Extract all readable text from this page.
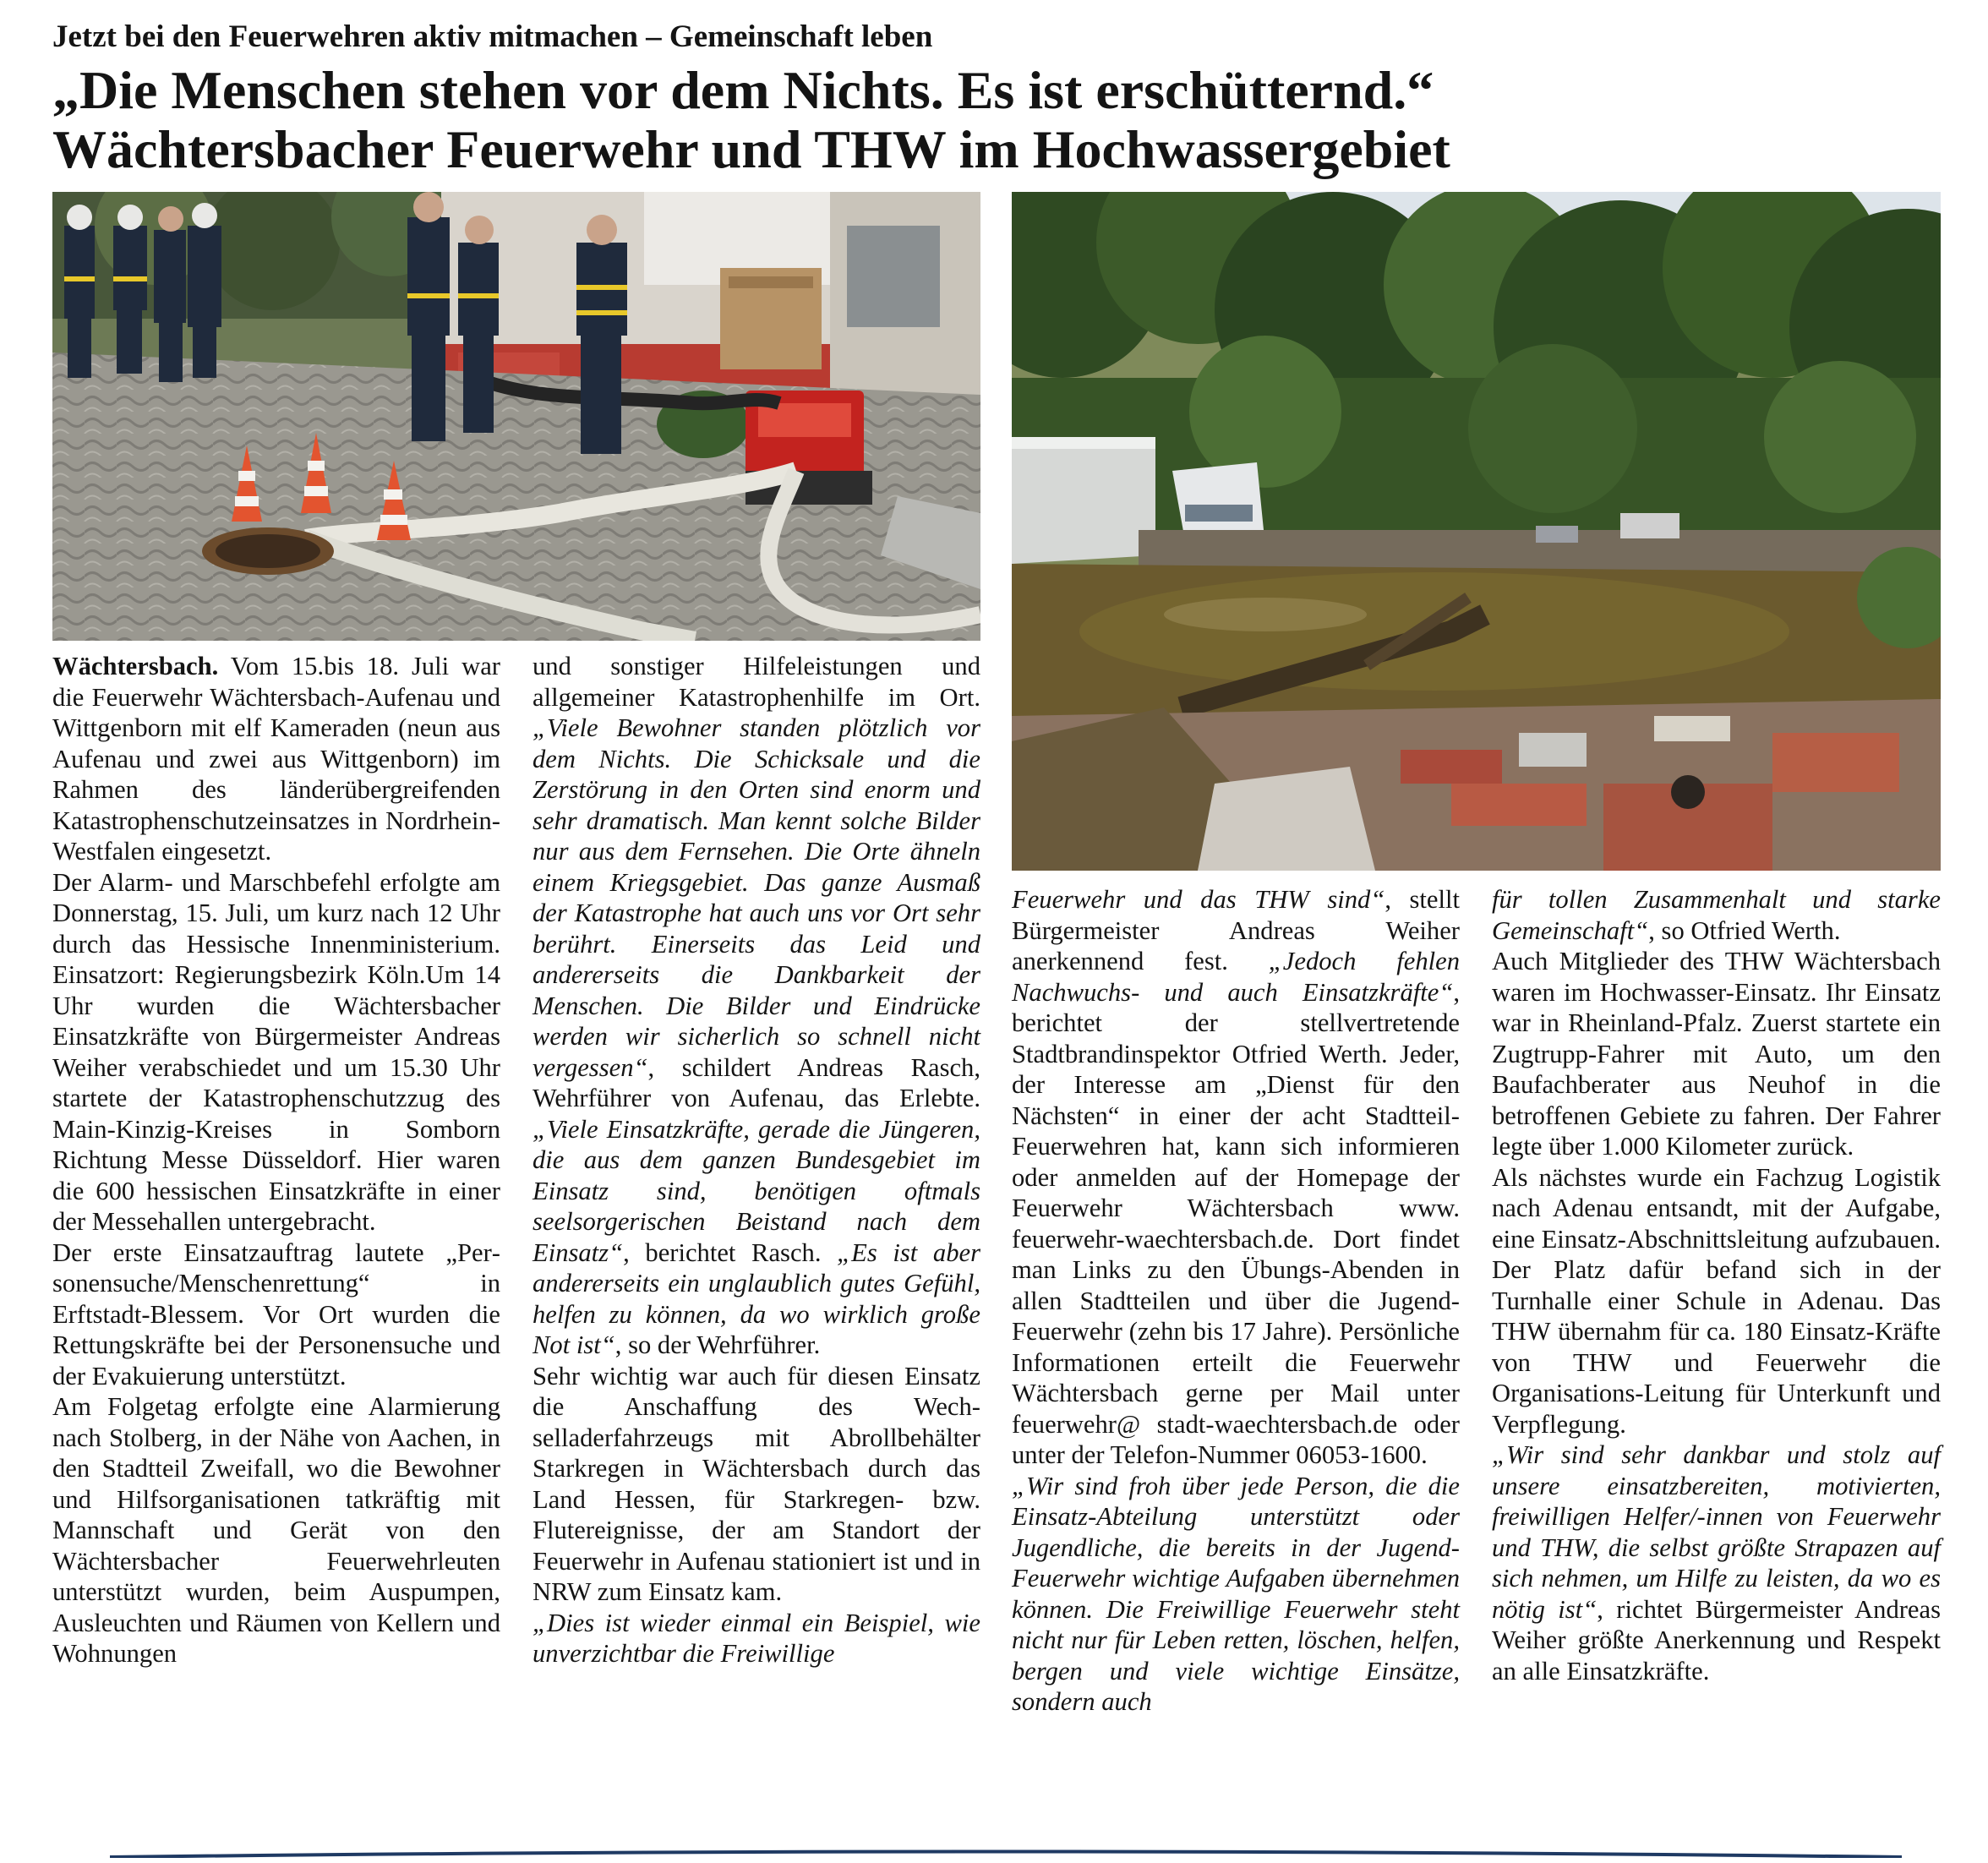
Jetzt bei den Feuerwehren aktiv mitmachen – Gemeinschaft leben
„Die Menschen stehen vor dem Nichts. Es ist erschütternd.“
Wächtersbacher Feuerwehr und THW im Hochwassergebiet

Wächtersbach. Vom 15.bis 18. Juli war die Feuerwehr Wächtersbach-Aufenau und Wittgenborn mit elf Kameraden (neun aus Aufenau und zwei aus Wittgenborn) im Rahmen des länderübergreifenden Katastrophenschutzeinsatzes in Nordrhein-Westfalen eingesetzt.

Der Alarm- und Marschbefehl erfolgte am Donnerstag, 15. Juli, um kurz nach 12 Uhr durch das Hessische Innenministerium. Einsatzort: Regierungsbezirk Köln.Um 14 Uhr wurden die Wächtersbacher Einsatzkräfte von Bürgermeister Andreas Weiher verabschiedet und um 15.30 Uhr startete der Katastrophenschutzzug des Main-Kinzig-Kreises in Somborn Richtung Messe Düsseldorf. Hier waren die 600 hessischen Einsatzkräfte in einer der Messehallen untergebracht.

Der erste Einsatzauftrag lautete „Personensuche/Menschenrettung“ in Erftstadt-Blessem. Vor Ort wurden die Rettungskräfte bei der Personensuche und der Evakuierung unterstützt.

Am Folgetag erfolgte eine Alarmierung nach Stolberg, in der Nähe von Aachen, in den Stadtteil Zweifall, wo die Bewohner und Hilfsorganisationen tatkräftig mit Mannschaft und Gerät von den Wächtersbacher Feuerwehrleuten unterstützt wurden, beim Auspumpen, Ausleuchten und Räumen von Kellern und Wohnungen

und sonstiger Hilfeleistungen und allgemeiner Katastrophenhilfe im Ort. „Viele Bewohner standen plötzlich vor dem Nichts. Die Schicksale und die Zerstörung in den Orten sind enorm und sehr dramatisch. Man kennt solche Bilder nur aus dem Fernsehen. Die Orte ähneln einem Kriegsgebiet. Das ganze Ausmaß der Katastrophe hat auch uns vor Ort sehr berührt. Einerseits das Leid und andererseits die Dankbarkeit der Menschen. Die Bilder und Eindrücke werden wir sicherlich so schnell nicht vergessen“, schildert Andreas Rasch, Wehrführer von Aufenau, das Erlebte. „Viele Einsatzkräfte, gerade die Jüngeren, die aus dem ganzen Bundesgebiet im Einsatz sind, benötigen oftmals seelsorgerischen Beistand nach dem Einsatz“, berichtet Rasch. „Es ist aber andererseits ein unglaublich gutes Gefühl, helfen zu können, da wo wirklich große Not ist“, so der Wehrführer.

Sehr wichtig war auch für diesen Einsatz die Anschaffung des Wechselladerfahrzeugs mit Abrollbehälter Starkregen in Wächtersbach durch das Land Hessen, für Starkregen- bzw. Flutereignisse, der am Standort der Feuerwehr in Aufenau stationiert ist und in NRW zum Einsatz kam.

„Dies ist wieder einmal ein Beispiel, wie unverzichtbar die Freiwillige

Feuerwehr und das THW sind“, stellt Bürgermeister Andreas Weiher anerkennend fest. „Jedoch fehlen Nachwuchs- und auch Einsatzkräfte“, berichtet der stellvertretende Stadtbrandinspektor Otfried Werth. Jeder, der Interesse am „Dienst für den Nächsten“ in einer der acht Stadtteil-Feuerwehren hat, kann sich informieren oder anmelden auf der Homepage der Feuerwehr Wächtersbach www. feuerwehr-waechtersbach.de. Dort findet man Links zu den Übungs-Abenden in allen Stadtteilen und über die Jugend-Feuerwehr (zehn bis 17 Jahre). Persönliche Informationen erteilt die Feuerwehr Wächtersbach gerne per Mail unter feuerwehr@ stadt-waechtersbach.de oder unter der Telefon-Nummer 06053-1600.

„Wir sind froh über jede Person, die die Einsatz-Abteilung unterstützt oder Jugendliche, die bereits in der Jugend-Feuerwehr wichtige Aufgaben übernehmen können. Die Freiwillige Feuerwehr steht nicht nur für Leben retten, löschen, helfen, bergen und viele wichtige Einsätze, sondern auch

für tollen Zusammenhalt und starke Gemeinschaft“, so Otfried Werth.

Auch Mitglieder des THW Wächtersbach waren im Hochwasser-Einsatz. Ihr Einsatz war in Rheinland-Pfalz. Zuerst startete ein Zugtrupp-Fahrer mit Auto, um den Baufachberater aus Neuhof in die betroffenen Gebiete zu fahren. Der Fahrer legte über 1.000 Kilometer zurück.

Als nächstes wurde ein Fachzug Logistik nach Adenau entsandt, mit der Aufgabe, eine Einsatz-Abschnittsleitung aufzubauen. Der Platz dafür befand sich in der Turnhalle einer Schule in Adenau. Das THW übernahm für ca. 180 Einsatz-Kräfte von THW und Feuerwehr die Organisations-Leitung für Unterkunft und Verpflegung.

„Wir sind sehr dankbar und stolz auf unsere einsatzbereiten, motivierten, freiwilligen Helfer/-innen von Feuerwehr und THW, die selbst größte Strapazen auf sich nehmen, um Hilfe zu leisten, da wo es nötig ist“, richtet Bürgermeister Andreas Weiher größte Anerkennung und Respekt an alle Einsatzkräfte.
